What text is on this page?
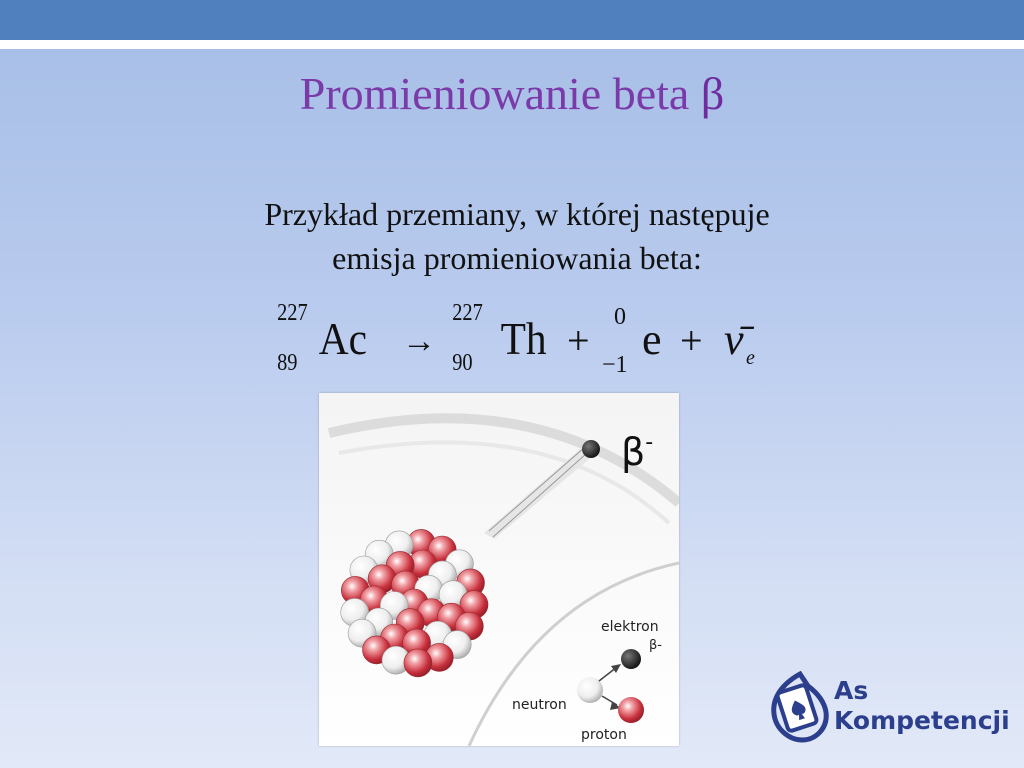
Promieniowanie beta β
Przykład przemiany, w której następuje
emisja promieniowania beta:
227
89 Ac →
227
90 Th +
0
−1
e + ν̄ e
β-
elektron
β-
neutron
proton
As
Kompetencji
